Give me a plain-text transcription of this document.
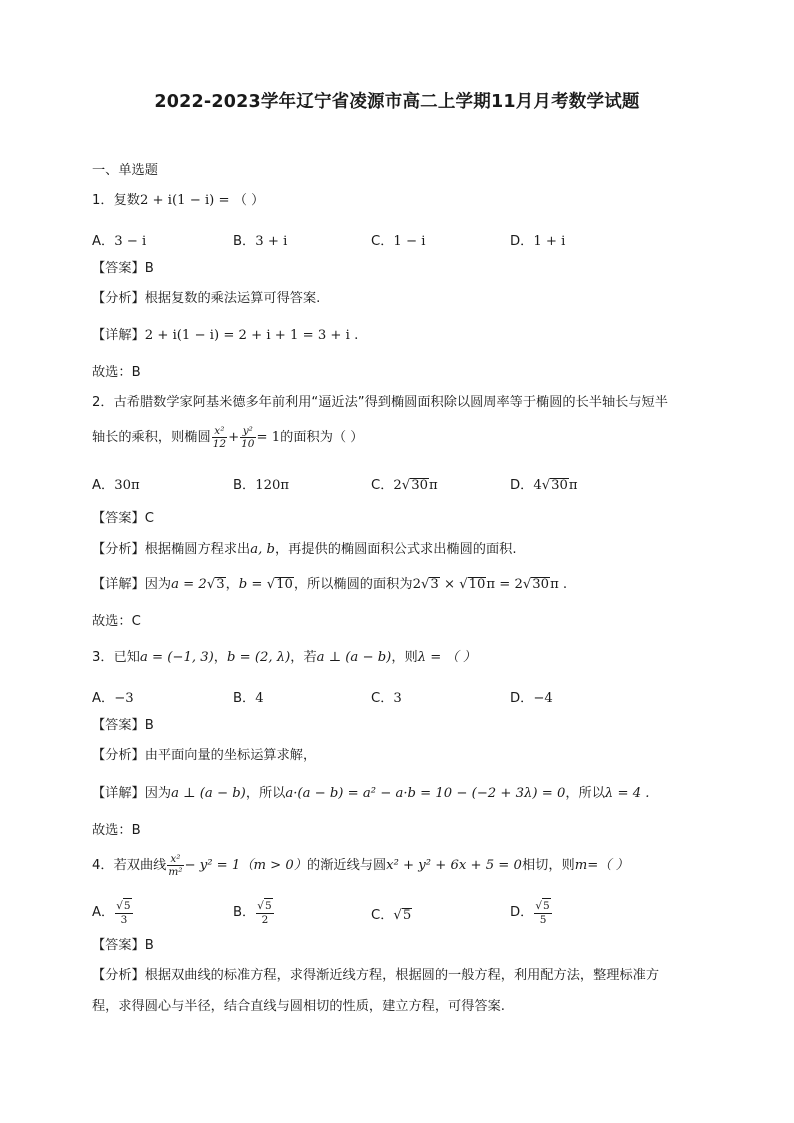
2022-2023学年辽宁省凌源市高二上学期11月月考数学试题
一、单选题
1．复数2 + i(1 − i) = （ ）
A．3 − i	B．3 + i	C．1 − i	D．1 + i
【答案】B
【分析】根据复数的乘法运算可得答案.
【详解】2 + i(1 − i) = 2 + i + 1 = 3 + i .
故选：B
2．古希腊数学家阿基米德多年前利用“逼近法”得到椭圆面积除以圆周率等于椭圆的长半轴长与短半
轴长的乘积，则椭圆 $\frac{\text{x²}}{12} + \frac{\text{y²}}{10} = 1$的面积为（ ）
A．30π	B．120π	C．2√30π	D．4√30π
【答案】C
【分析】根据椭圆方程求出a, b，再提供的椭圆面积公式求出椭圆的面积.
【详解】因为a = 2√3，b = √10，所以椭圆的面积为2√3 × √10π = 2√30π .
故选：C
3．已知a = (−1, 3)，b = (2, λ)，若a ⊥ (a − b)，则λ = （ ）
A．−3	B．4	C．3	D．−4
【答案】B
【分析】由平面向量的坐标运算求解，
【详解】因为a ⊥ (a − b)，所以a·(a − b) = a² − a·b = 10 − (−2 + 3λ) = 0，所以λ = 4 .
故选：B
4．若双曲线 $\frac{\text{x²}}{\text{m²}} - y^2 = 1(m > 0)$的渐近线与圆x² + y² + 6x + 5 = 0相切，则m=（ ）
A． $\frac{√5}{3}$	B． $\frac{√5}{2}$	C．√5	D． $\frac{√5}{5}$
【答案】B
【分析】根据双曲线的标准方程，求得渐近线方程，根据圆的一般方程，利用配方法，整理标准方
程，求得圆心与半径，结合直线与圆相切的性质，建立方程，可得答案.
